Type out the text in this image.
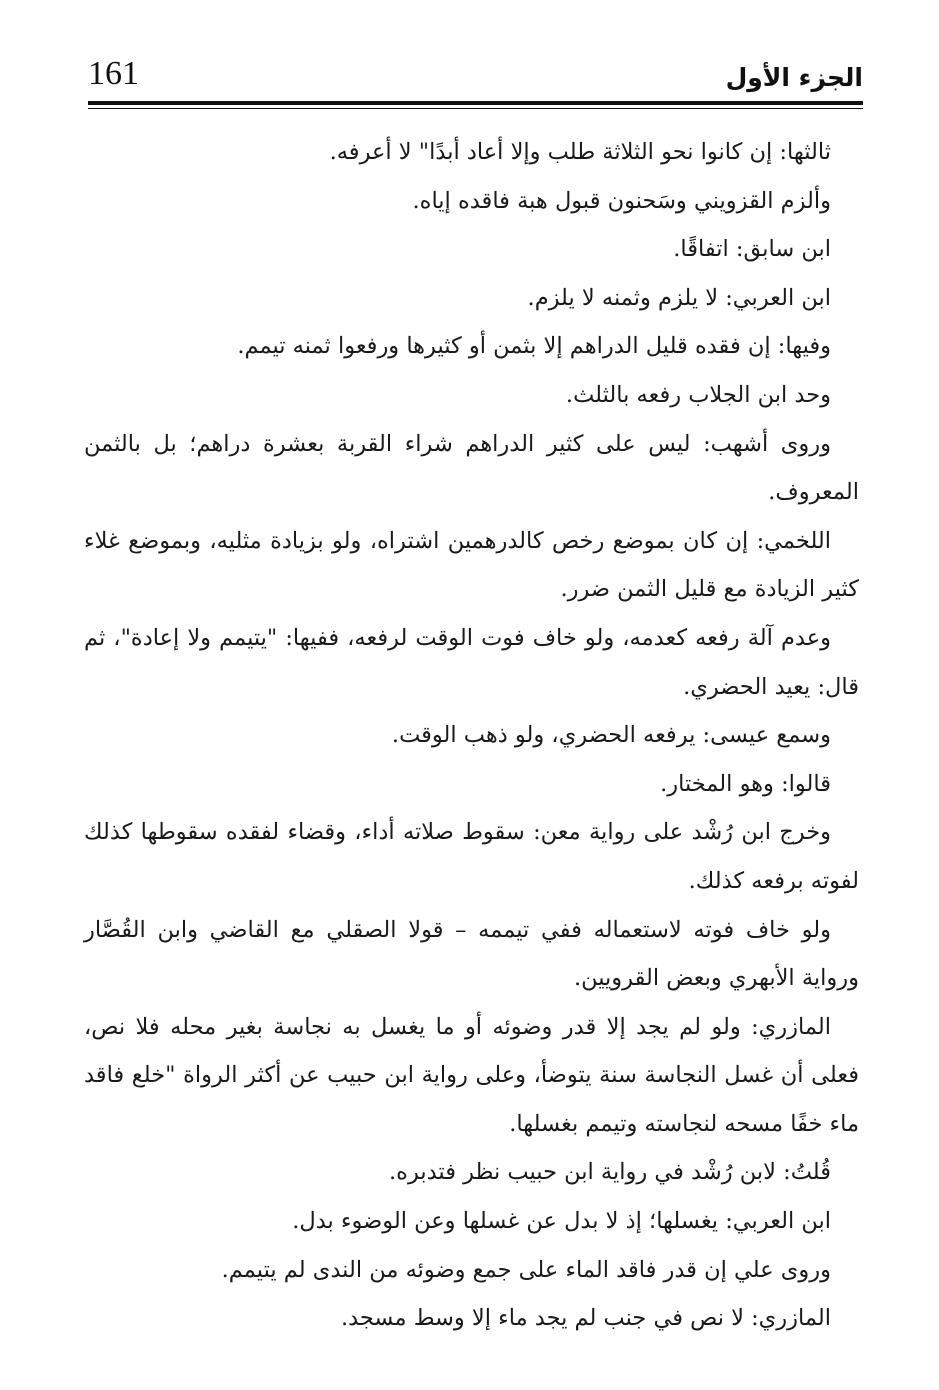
161	الجزء الأول

ثالثها: إن كانوا نحو الثلاثة طلب وإلا أعاد أبدًا" لا أعرفه.

وألزم القزويني وسَحنون قبول هبة فاقده إياه.

ابن سابق: اتفاقًا.

ابن العربي: لا يلزم وثمنه لا يلزم.

وفيها: إن فقده قليل الدراهم إلا بثمن أو كثيرها ورفعوا ثمنه تيمم.

وحد ابن الجلاب رفعه بالثلث.

وروى أشهب: ليس على كثير الدراهم شراء القربة بعشرة دراهم؛ بل بالثمن المعروف.

اللخمي: إن كان بموضع رخص كالدرهمين اشتراه، ولو بزيادة مثليه، وبموضع غلاء كثير الزيادة مع قليل الثمن ضرر.

وعدم آلة رفعه كعدمه، ولو خاف فوت الوقت لرفعه، ففيها: "يتيمم ولا إعادة"، ثم قال: يعيد الحضري.

وسمع عيسى: يرفعه الحضري، ولو ذهب الوقت.

قالوا: وهو المختار.

وخرج ابن رُشْد على رواية معن: سقوط صلاته أداء، وقضاء لفقده سقوطها كذلك لفوته برفعه كذلك.

ولو خاف فوته لاستعماله ففي تيممه – قولا الصقلي مع القاضي وابن القُصَّار ورواية الأبهري وبعض القرويين.

المازري: ولو لم يجد إلا قدر وضوئه أو ما يغسل به نجاسة بغير محله فلا نص، فعلى أن غسل النجاسة سنة يتوضأ، وعلى رواية ابن حبيب عن أكثر الرواة "خلع فاقد ماء خفًا مسحه لنجاسته وتيمم بغسلها.

قُلتُ: لابن رُشْد في رواية ابن حبيب نظر فتدبره.

ابن العربي: يغسلها؛ إذ لا بدل عن غسلها وعن الوضوء بدل.

وروى علي إن قدر فاقد الماء على جمع وضوئه من الندى لم يتيمم.

المازري: لا نص في جنب لم يجد ماء إلا وسط مسجد.
